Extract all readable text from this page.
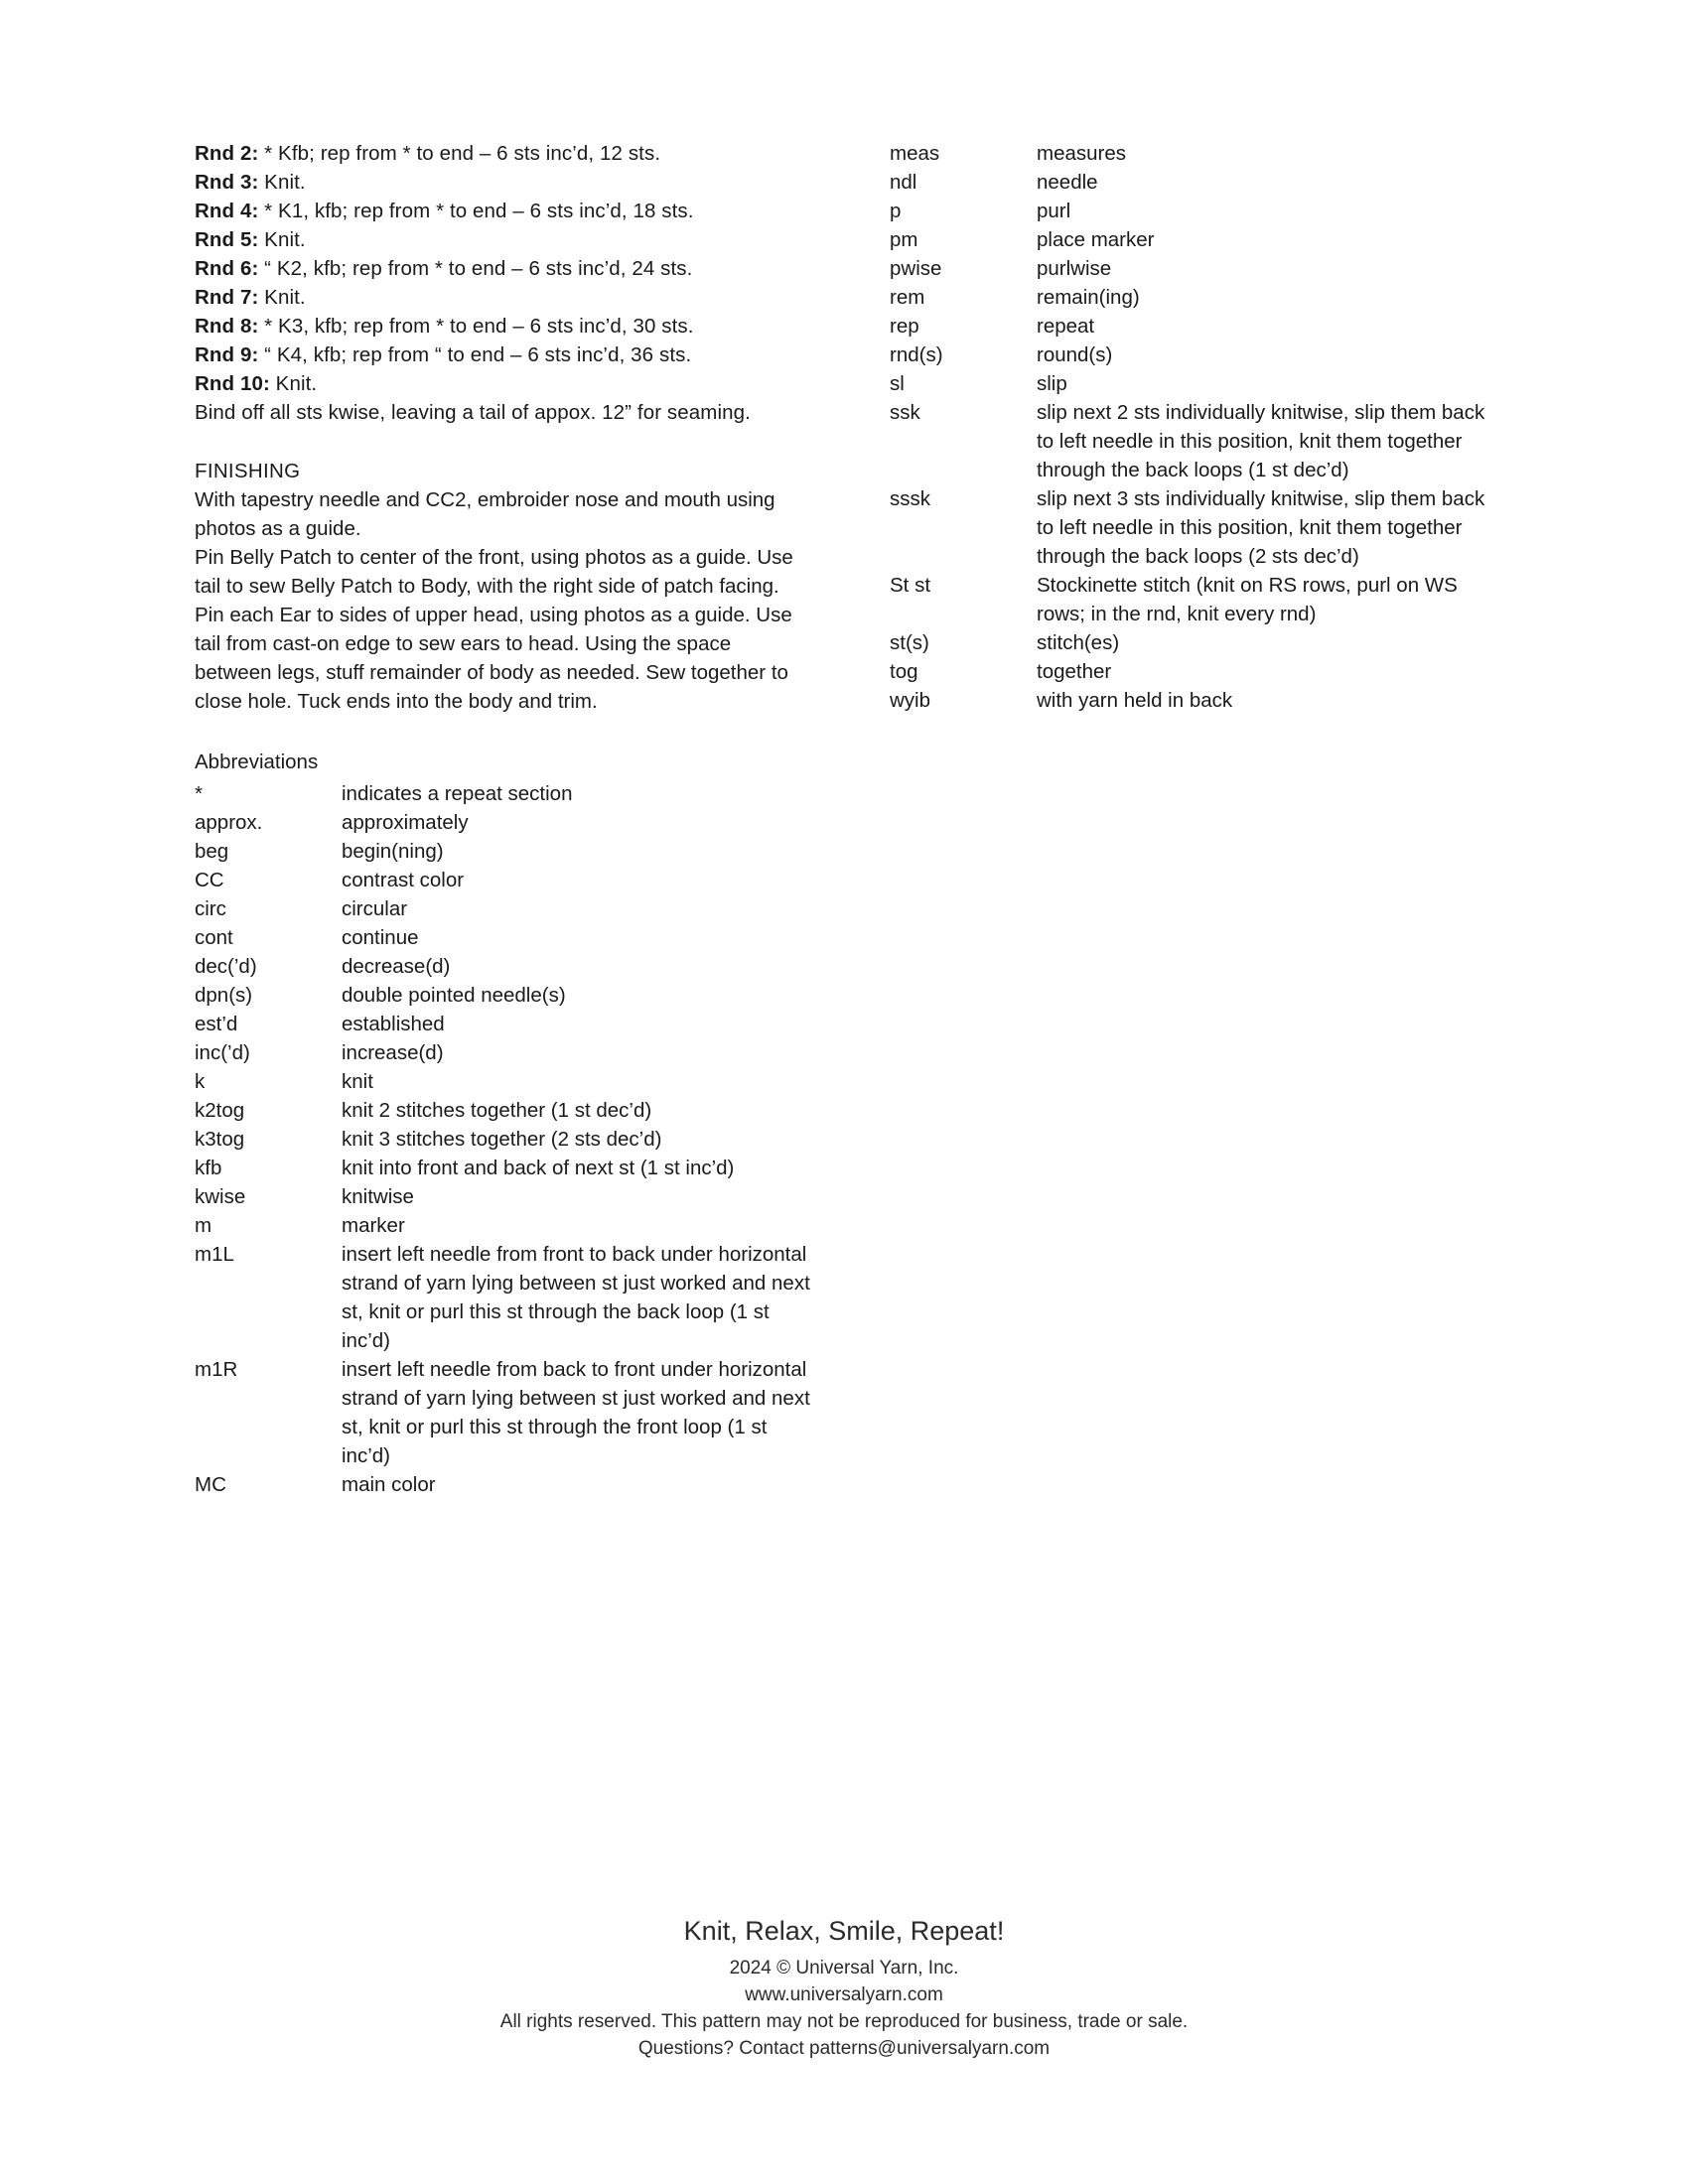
Rnd 2: * Kfb; rep from * to end – 6 sts inc’d, 12 sts.

Rnd 3: Knit.

Rnd 4: * K1, kfb; rep from * to end – 6 sts inc’d, 18 sts.

Rnd 5: Knit.

Rnd 6: “ K2, kfb; rep from * to end – 6 sts inc’d, 24 sts.

Rnd 7: Knit.

Rnd 8: * K3, kfb; rep from * to end – 6 sts inc’d, 30 sts.

Rnd 9: “ K4, kfb; rep from “ to end – 6 sts inc’d, 36 sts.

Rnd 10: Knit.

Bind off all sts kwise, leaving a tail of appox. 12” for seaming.

FINISHING

With tapestry needle and CC2, embroider nose and mouth using photos as a guide.

Pin Belly Patch to center of the front, using photos as a guide. Use tail to sew Belly Patch to Body, with the right side of patch facing.

Pin each Ear to sides of upper head, using photos as a guide. Use tail from cast-on edge to sew ears to head. Using the space between legs, stuff remainder of body as needed. Sew together to close hole. Tuck ends into the body and trim.

Abbreviations

*	indicates a repeat section
approx.	approximately
beg	begin(ning)
CC	contrast color
circ	circular
cont	continue
dec(’d)	decrease(d)
dpn(s)	double pointed needle(s)
est’d	established
inc(’d)	increase(d)
k	knit
k2tog	knit 2 stitches together (1 st dec’d)
k3tog	knit 3 stitches together (2 sts dec’d)
kfb	knit into front and back of next st (1 st inc’d)
kwise	knitwise
m	marker
m1L	insert left needle from front to back under horizontal strand of yarn lying between st just worked and next st, knit or purl this st through the back loop (1 st inc’d)
m1R	insert left needle from back to front under horizontal strand of yarn lying between st just worked and next st, knit or purl this st through the front loop (1 st inc’d)
MC	main color
meas	measures
ndl	needle
p	purl
pm	place marker
pwise	purlwise
rem	remain(ing)
rep	repeat
rnd(s)	round(s)
sl	slip
ssk	slip next 2 sts individually knitwise, slip them back to left needle in this position, knit them together through the back loops (1 st dec’d)
sssk	slip next 3 sts individually knitwise, slip them back to left needle in this position, knit them together through the back loops (2 sts dec’d)
St st	Stockinette stitch (knit on RS rows, purl on WS rows; in the rnd, knit every rnd)
st(s)	stitch(es)
tog	together
wyib	with yarn held in back
Knit, Relax, Smile, Repeat!
2024 © Universal Yarn, Inc.
www.universalyarn.com
All rights reserved. This pattern may not be reproduced for business, trade or sale.
Questions? Contact patterns@universalyarn.com
